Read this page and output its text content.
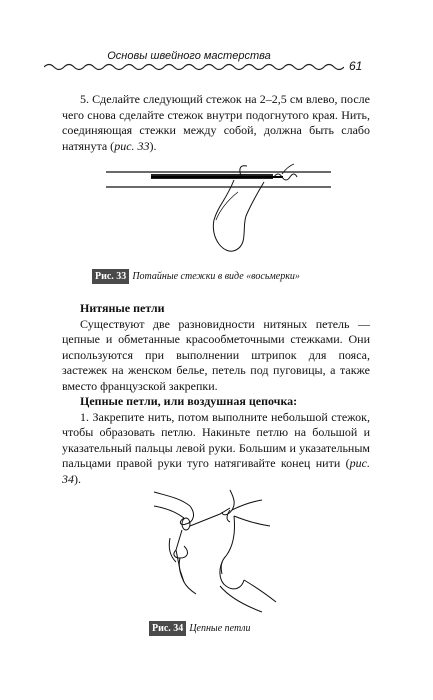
Основы швейного мастерства
61

5. Сделайте следующий стежок на 2–2,5 см влево, после чего снова сделайте стежок внутри подогнутого края. Нить, соединяющая стежки между собой, должна быть слабо натянута (рис. 33).

Рис. 33 Потайные стежки в виде «восьмерки»

Нитяные петли

Существуют две разновидности нитяных петель — цепные и обметанные красообметочными стежками. Они используются при выполнении штрипок для пояса, застежек на женском белье, петель под пуговицы, а также вместо французской закрепки.

Цепные петли, или воздушная цепочка:

1. Закрепите нить, потом выполните небольшой стежок, чтобы образовать петлю. Накиньте петлю на большой и указательный пальцы левой руки. Большим и указательным пальцами правой руки туго натягивайте конец нити (рис. 34).

Рис. 34 Цепные петли
